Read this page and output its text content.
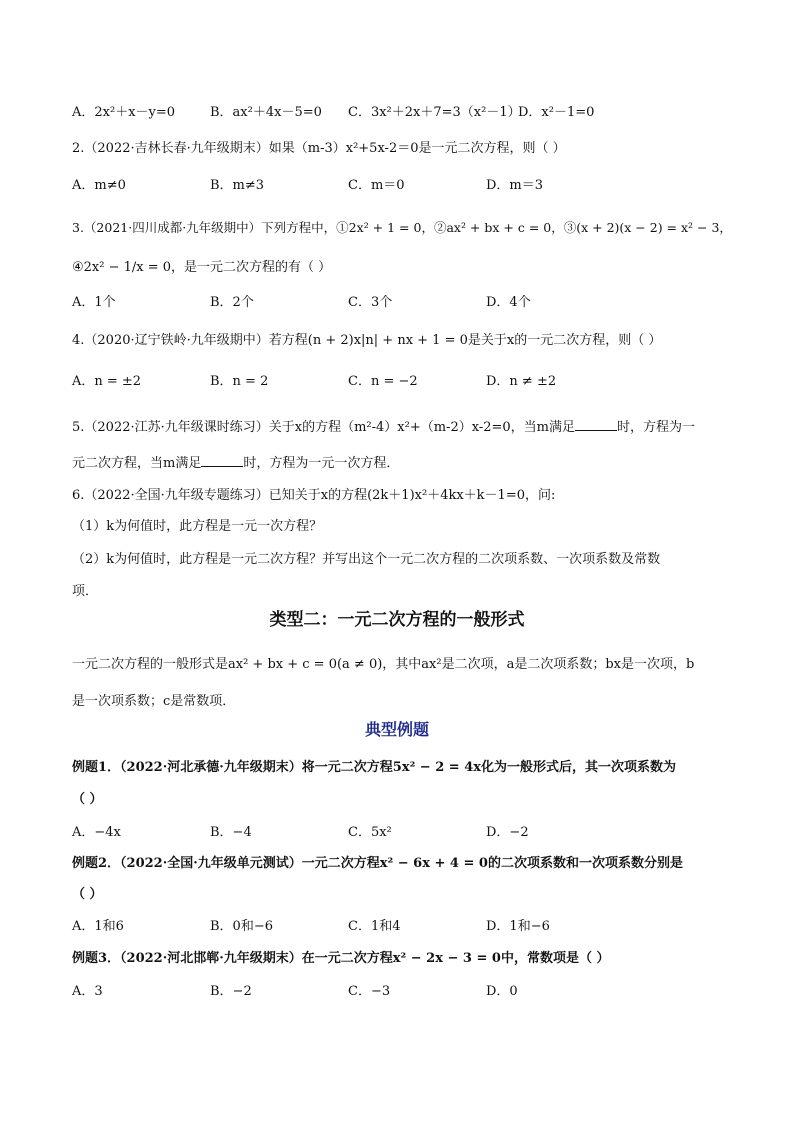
A．2x²＋x－y=0	B．ax²＋4x－5=0 C．3x²＋2x＋7=3（x²－1）
D．x²－1=0
2.（2022·吉林长春·九年级期末）如果（m-3）x²+5x-2＝0是一元二次方程，则（ ）
A．m≠0	B．m≠3	C．m＝0	D．m＝3
3.（2021·四川成都·九年级期中）下列方程中，①2x² + 1 = 0，②ax² + bx + c = 0，③(x + 2)(x − 2) = x² − 3，
④2x² − 1/x = 0，是一元二次方程的有（ ）
A．1个	B．2个	C．3个	D．4个
4.（2020·辽宁铁岭·九年级期中）若方程(n + 2)x|n| + nx + 1 = 0是关于x的一元二次方程，则（ ）
A．n = ±2	B．n = 2	C．n = −2	D．n ≠ ±2
5.（2022·江苏·九年级课时练习）关于x的方程（m²-4）x²+（m-2）x-2=0，当m满足	时，方程为一
元二次方程，当m满足	时，方程为一元一次方程．
6.（2022·全国·九年级专题练习）已知关于x的方程(2k＋1)x²＋4kx＋k－1=0，问:
（1）k为何值时，此方程是一元一次方程？
（2）k为何值时，此方程是一元二次方程？并写出这个一元二次方程的二次项系数、一次项系数及常数
项．
类型二：一元二次方程的一般形式
一元二次方程的一般形式是ax² + bx + c = 0(a ≠ 0)，其中ax²是二次项，a是二次项系数；bx是一次项，b
是一次项系数；c是常数项．
典型例题
例题1．（2022·河北承德·九年级期末）将一元二次方程5x² − 2 = 4x化为一般形式后，其一次项系数为
（ ）
A．−4x	B．−4	C．5x²	D．−2
例题2．（2022·全国·九年级单元测试）一元二次方程x² − 6x + 4 = 0的二次项系数和一次项系数分别是
（ ）
A．1和6	B．0和−6	C．1和4	D．1和−6
例题3．（2022·河北邯郸·九年级期末）在一元二次方程x² − 2x − 3 = 0中，常数项是（ ）
A．3	B．−2	C．−3	D．0
